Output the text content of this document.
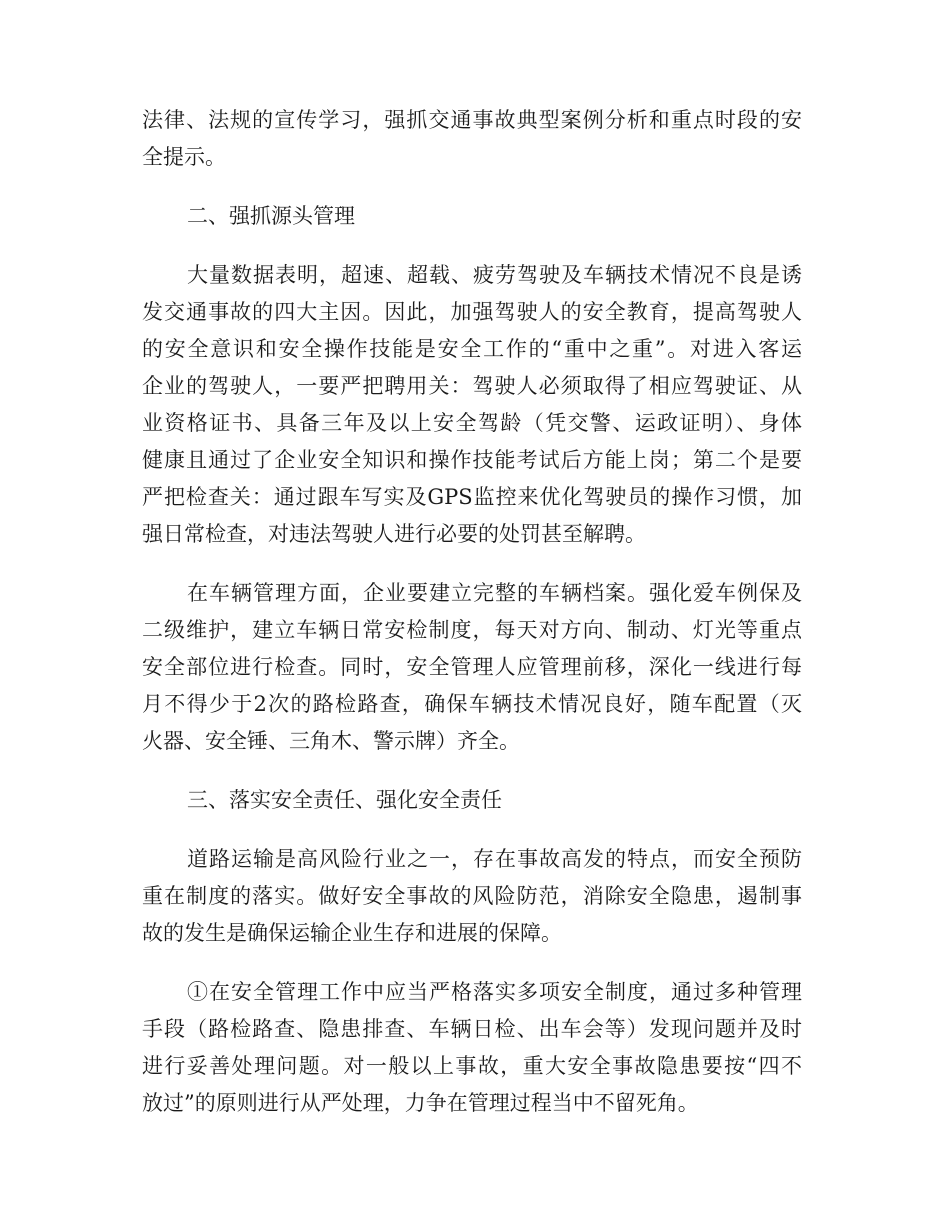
法律、法规的宣传学习，强抓交通事故典型案例分析和重点时段的安
全提示。
二、强抓源头管理
大量数据表明，超速、超载、疲劳驾驶及车辆技术情况不良是诱
发交通事故的四大主因。因此，加强驾驶人的安全教育，提高驾驶人
的安全意识和安全操作技能是安全工作的“重中之重”。对进入客运
企业的驾驶人，一要严把聘用关：驾驶人必须取得了相应驾驶证、从
业资格证书、具备三年及以上安全驾龄（凭交警、运政证明）、身体
健康且通过了企业安全知识和操作技能考试后方能上岗；第二个是要
严把检查关：通过跟车写实及GPS监控来优化驾驶员的操作习惯，加
强日常检查，对违法驾驶人进行必要的处罚甚至解聘。
在车辆管理方面，企业要建立完整的车辆档案。强化爱车例保及
二级维护，建立车辆日常安检制度，每天对方向、制动、灯光等重点
安全部位进行检查。同时，安全管理人应管理前移，深化一线进行每
月不得少于2次的路检路查，确保车辆技术情况良好，随车配置（灭
火器、安全锤、三角木、警示牌）齐全。
三、落实安全责任、强化安全责任
道路运输是高风险行业之一，存在事故高发的特点，而安全预防
重在制度的落实。做好安全事故的风险防范，消除安全隐患，遏制事
故的发生是确保运输企业生存和进展的保障。
①在安全管理工作中应当严格落实多项安全制度，通过多种管理
手段（路检路查、隐患排查、车辆日检、出车会等）发现问题并及时
进行妥善处理问题。对一般以上事故，重大安全事故隐患要按“四不
放过”的原则进行从严处理，力争在管理过程当中不留死角。
